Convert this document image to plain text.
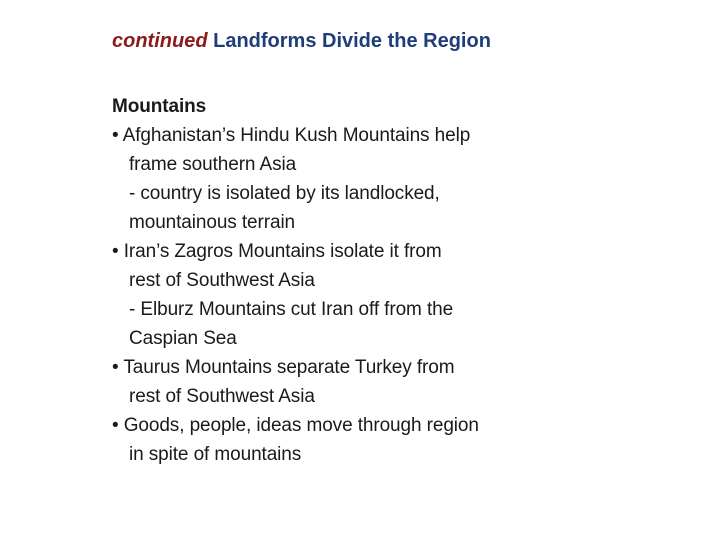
continued Landforms Divide the Region
Mountains
• Afghanistan’s Hindu Kush Mountains help
frame southern Asia
- country is isolated by its landlocked,
mountainous terrain
• Iran’s Zagros Mountains isolate it from
rest of Southwest Asia
- Elburz Mountains cut Iran off from the
Caspian Sea
• Taurus Mountains separate Turkey from
rest of Southwest Asia
• Goods, people, ideas move through region
in spite of mountains
